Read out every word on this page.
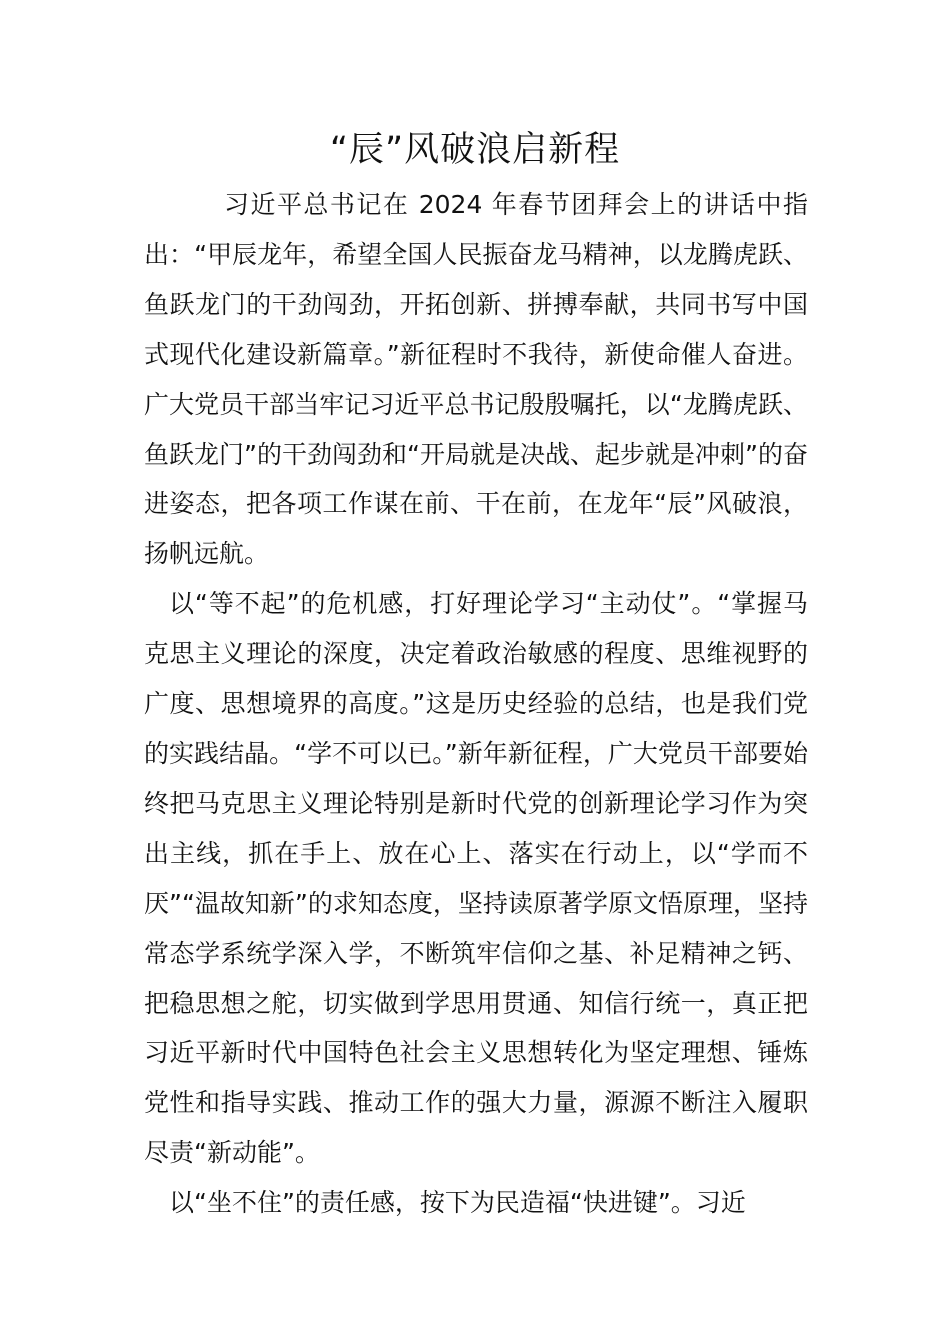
“辰”风破浪启新程

习近平总书记在 2024 年春节团拜会上的讲话中指出：“甲辰龙年，希望全国人民振奋龙马精神，以龙腾虎跃、鱼跃龙门的干劲闯劲，开拓创新、拼搏奉献，共同书写中国式现代化建设新篇章。”新征程时不我待，新使命催人奋进。广大党员干部当牢记习近平总书记殷殷嘱托，以“龙腾虎跃、鱼跃龙门”的干劲闯劲和“开局就是决战、起步就是冲刺”的奋进姿态，把各项工作谋在前、干在前，在龙年“辰”风破浪，扬帆远航。

以“等不起”的危机感，打好理论学习“主动仗”。“掌握马克思主义理论的深度，决定着政治敏感的程度、思维视野的广度、思想境界的高度。”这是历史经验的总结，也是我们党的实践结晶。“学不可以已。”新年新征程，广大党员干部要始终把马克思主义理论特别是新时代党的创新理论学习作为突出主线，抓在手上、放在心上、落实在行动上，以“学而不厌”“温故知新”的求知态度，坚持读原著学原文悟原理，坚持常态学系统学深入学，不断筑牢信仰之基、补足精神之钙、把稳思想之舵，切实做到学思用贯通、知信行统一，真正把习近平新时代中国特色社会主义思想转化为坚定理想、锤炼党性和指导实践、推动工作的强大力量，源源不断注入履职尽责“新动能”。

以“坐不住”的责任感，按下为民造福“快进键”。习近
